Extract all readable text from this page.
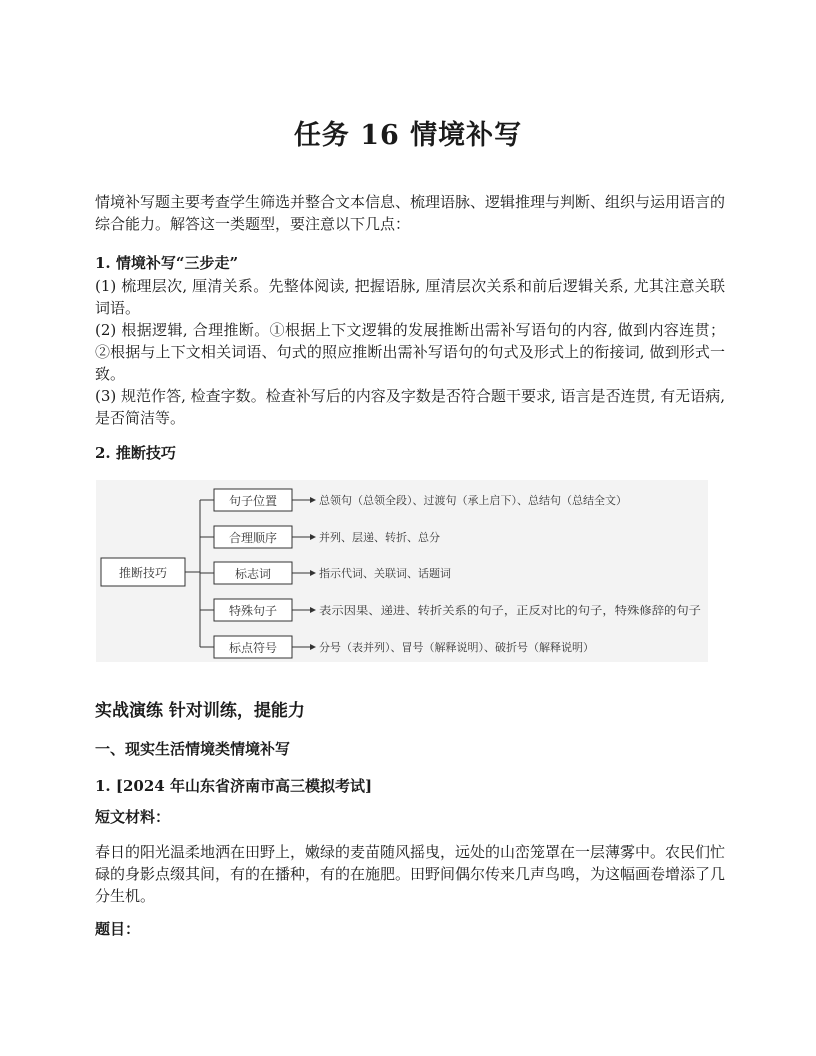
任务 16 情境补写

情境补写题主要考查学生筛选并整合文本信息、梳理语脉、逻辑推理与判断、组织与运用语言的综合能力。解答这一类题型，要注意以下几点：

1. 情境补写“三步走”

(1) 梳理层次, 厘清关系。先整体阅读, 把握语脉, 厘清层次关系和前后逻辑关系, 尤其注意关联词语。

(2) 根据逻辑, 合理推断。①根据上下文逻辑的发展推断出需补写语句的内容, 做到内容连贯；②根据与上下文相关词语、句式的照应推断出需补写语句的句式及形式上的衔接词, 做到形式一致。

(3) 规范作答, 检查字数。检查补写后的内容及字数是否符合题干要求, 语言是否连贯, 有无语病, 是否简洁等。

2. 推断技巧
推断技巧
句子位置
合理顺序
标志词
特殊句子
标点符号
总领句（总领全段）、过渡句（承上启下）、总结句（总结全文）
并列、层递、转折、总分
指示代词、关联词、话题词
表示因果、递进、转折关系的句子，正反对比的句子，特殊修辞的句子
分号（表并列）、冒号（解释说明）、破折号（解释说明）
实战演练 针对训练，提能力
一、现实生活情境类情境补写
1. [2024 年山东省济南市高三模拟考试]
短文材料：

春日的阳光温柔地洒在田野上，嫩绿的麦苗随风摇曳，远处的山峦笼罩在一层薄雾中。农民们忙碌的身影点缀其间，有的在播种，有的在施肥。田野间偶尔传来几声鸟鸣，为这幅画卷增添了几分生机。

题目：
